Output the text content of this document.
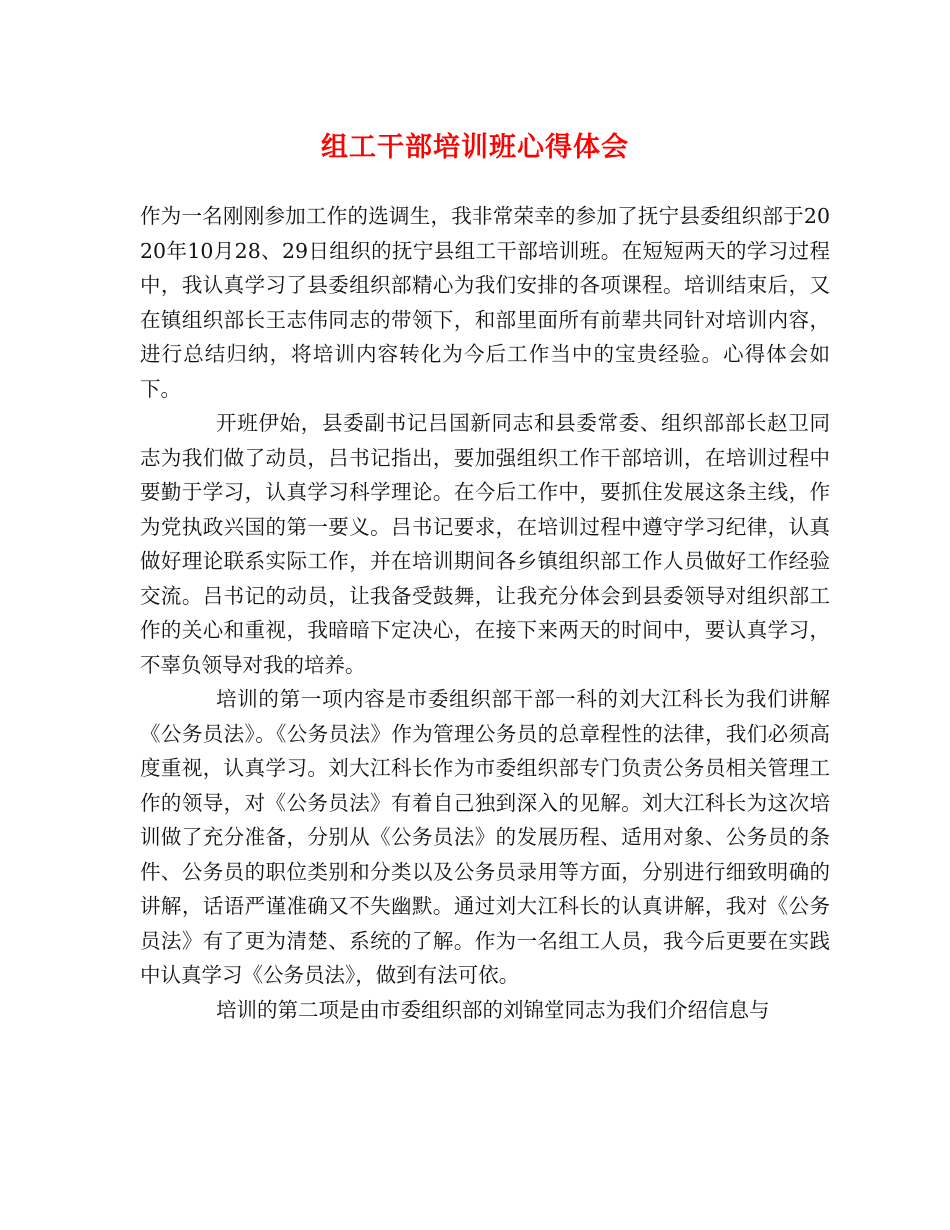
组工干部培训班心得体会

作为一名刚刚参加工作的选调生，我非常荣幸的参加了抚宁县委组织部于2020年10月28、29日组织的抚宁县组工干部培训班。在短短两天的学习过程中，我认真学习了县委组织部精心为我们安排的各项课程。培训结束后，又在镇组织部长王志伟同志的带领下，和部里面所有前辈共同针对培训内容，进行总结归纳，将培训内容转化为今后工作当中的宝贵经验。心得体会如下。

开班伊始，县委副书记吕国新同志和县委常委、组织部部长赵卫同志为我们做了动员，吕书记指出，要加强组织工作干部培训，在培训过程中要勤于学习，认真学习科学理论。在今后工作中，要抓住发展这条主线，作为党执政兴国的第一要义。吕书记要求，在培训过程中遵守学习纪律，认真做好理论联系实际工作，并在培训期间各乡镇组织部工作人员做好工作经验交流。吕书记的动员，让我备受鼓舞，让我充分体会到县委领导对组织部工作的关心和重视，我暗暗下定决心，在接下来两天的时间中，要认真学习，不辜负领导对我的培养。

培训的第一项内容是市委组织部干部一科的刘大江科长为我们讲解《公务员法》。《公务员法》作为管理公务员的总章程性的法律，我们必须高度重视，认真学习。刘大江科长作为市委组织部专门负责公务员相关管理工作的领导，对《公务员法》有着自己独到深入的见解。刘大江科长为这次培训做了充分准备，分别从《公务员法》的发展历程、适用对象、公务员的条件、公务员的职位类别和分类以及公务员录用等方面，分别进行细致明确的讲解，话语严谨准确又不失幽默。通过刘大江科长的认真讲解，我对《公务员法》有了更为清楚、系统的了解。作为一名组工人员，我今后更要在实践中认真学习《公务员法》，做到有法可依。

培训的第二项是由市委组织部的刘锦堂同志为我们介绍信息与
